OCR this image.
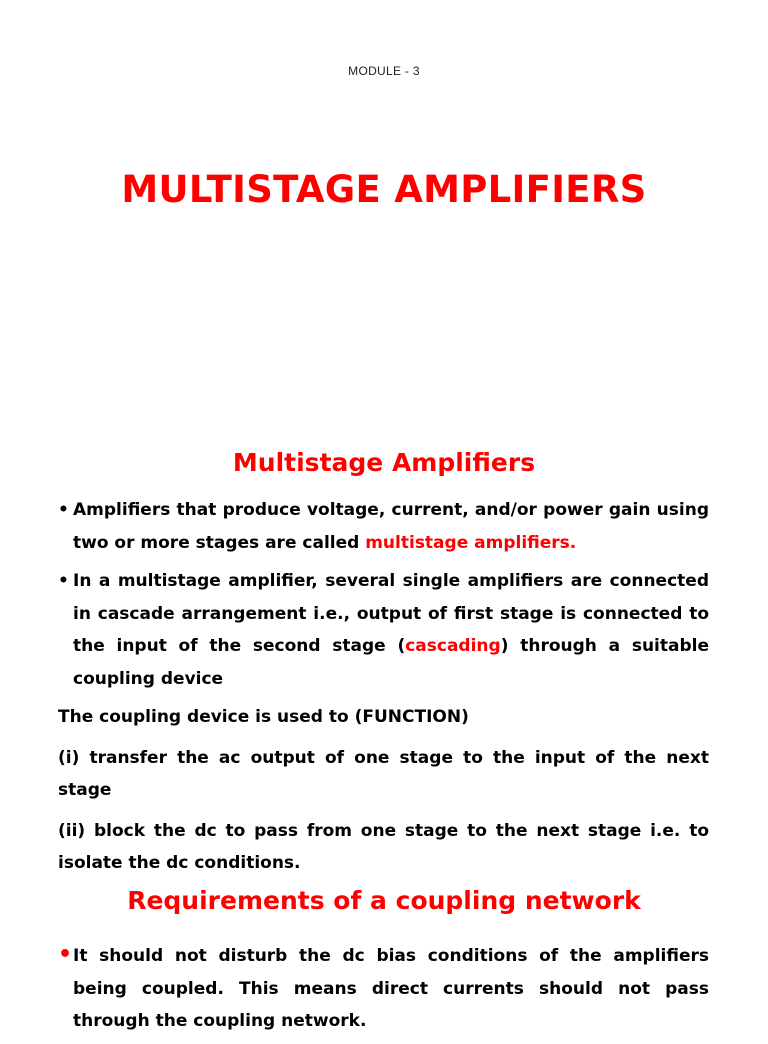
MODULE - 3
MULTISTAGE AMPLIFIERS
Multistage Amplifiers
• Amplifiers that produce voltage, current, and/or power gain using two or more stages are called multistage amplifiers.
• In a multistage amplifier, several single amplifiers are connected in cascade arrangement i.e., output of first stage is connected to the input of the second stage (cascading) through a suitable coupling device
The coupling device is used to (FUNCTION)
(i) transfer the ac output of one stage to the input of the next stage
(ii) block the dc to pass from one stage to the next stage i.e. to isolate the dc conditions.
Requirements of a coupling network
• It should not disturb the dc bias conditions of the amplifiers being coupled. This means direct currents should not pass through the coupling network.
